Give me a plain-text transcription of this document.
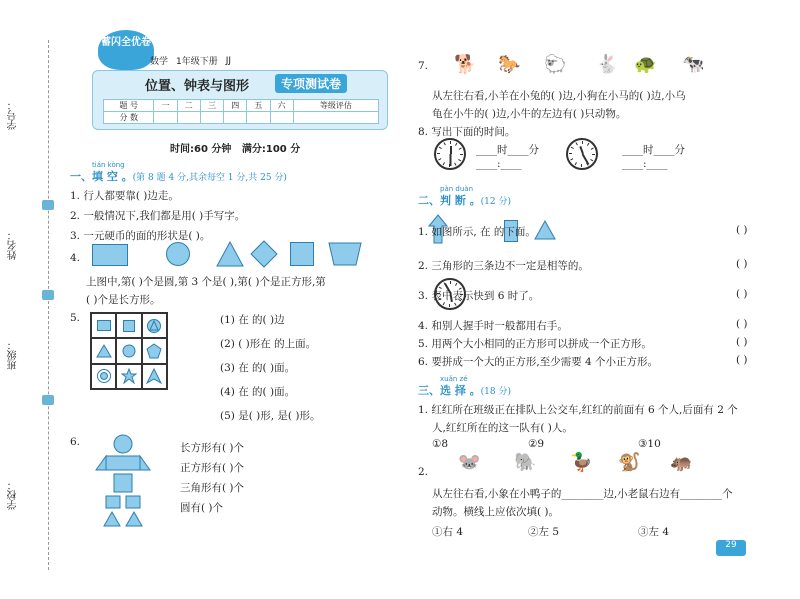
学号：
姓名：
班级：
学校：
蓄闪全优卷
数学 1年级下册 JJ
位置、钟表与图形	专项测试卷
题 号	一	二	三	四	五	六	等级评估
分 数							
时间:60 分钟 满分:100 分
tián kòng
一、填 空 。(第 8 题 4 分,其余每空 1 分,共 25 分)
1. 行人都要靠( )边走。
2. 一般情况下,我们都是用( )手写字。
3. 一元硬币的面的形状是( )。
4.
上图中,第( )个是圆,第 3 个是( ),第( )个是正方形,第
( )个是长方形。
5.	(1) 在 的( )边
(2) ( )形在 的上面。
(3) 在 的( )面。
(4) 在 的( )面。
(5) 是( )形, 是( )形。
6.	长方形有( )个
正方形有( )个
三角形有( )个
圆有( )个
7. 🐕 🐎 🐑 🐇 🐢 🐄
从左往右看,小羊在小兔的( )边,小狗在小马的( )边,小乌
龟在小牛的( )边,小牛的左边有( )只动物。
8. 写出下面的时间。
____时____分
____:____
____时____分
____:____
pàn duàn
二、判 断 。(12 分)
1. 如图所示, 在 的下面。	( )
2. 三角形的三条边不一定是相等的。	( )
3. 表中表示快到 6 时了。	( )
4. 和别人握手时一般都用右手。	( )
5. 用两个大小相同的正方形可以拼成一个正方形。	( )
6. 要拼成一个大的正方形,至少需要 4 个小正方形。	( )
xuǎn zé
三、选 择 。(18 分)
1. 红红所在班级正在排队上公交车,红红的前面有 6 个人,后面有 2 个
人,红红所在的这一队有( )人。
①8	②9	③10
2. 🐭 🐘 🦆 🐒 🦛
从左往右看,小象在小鸭子的________边,小老鼠右边有________个
动物。横线上应依次填( )。
①右 4	②左 5	③左 4
29
